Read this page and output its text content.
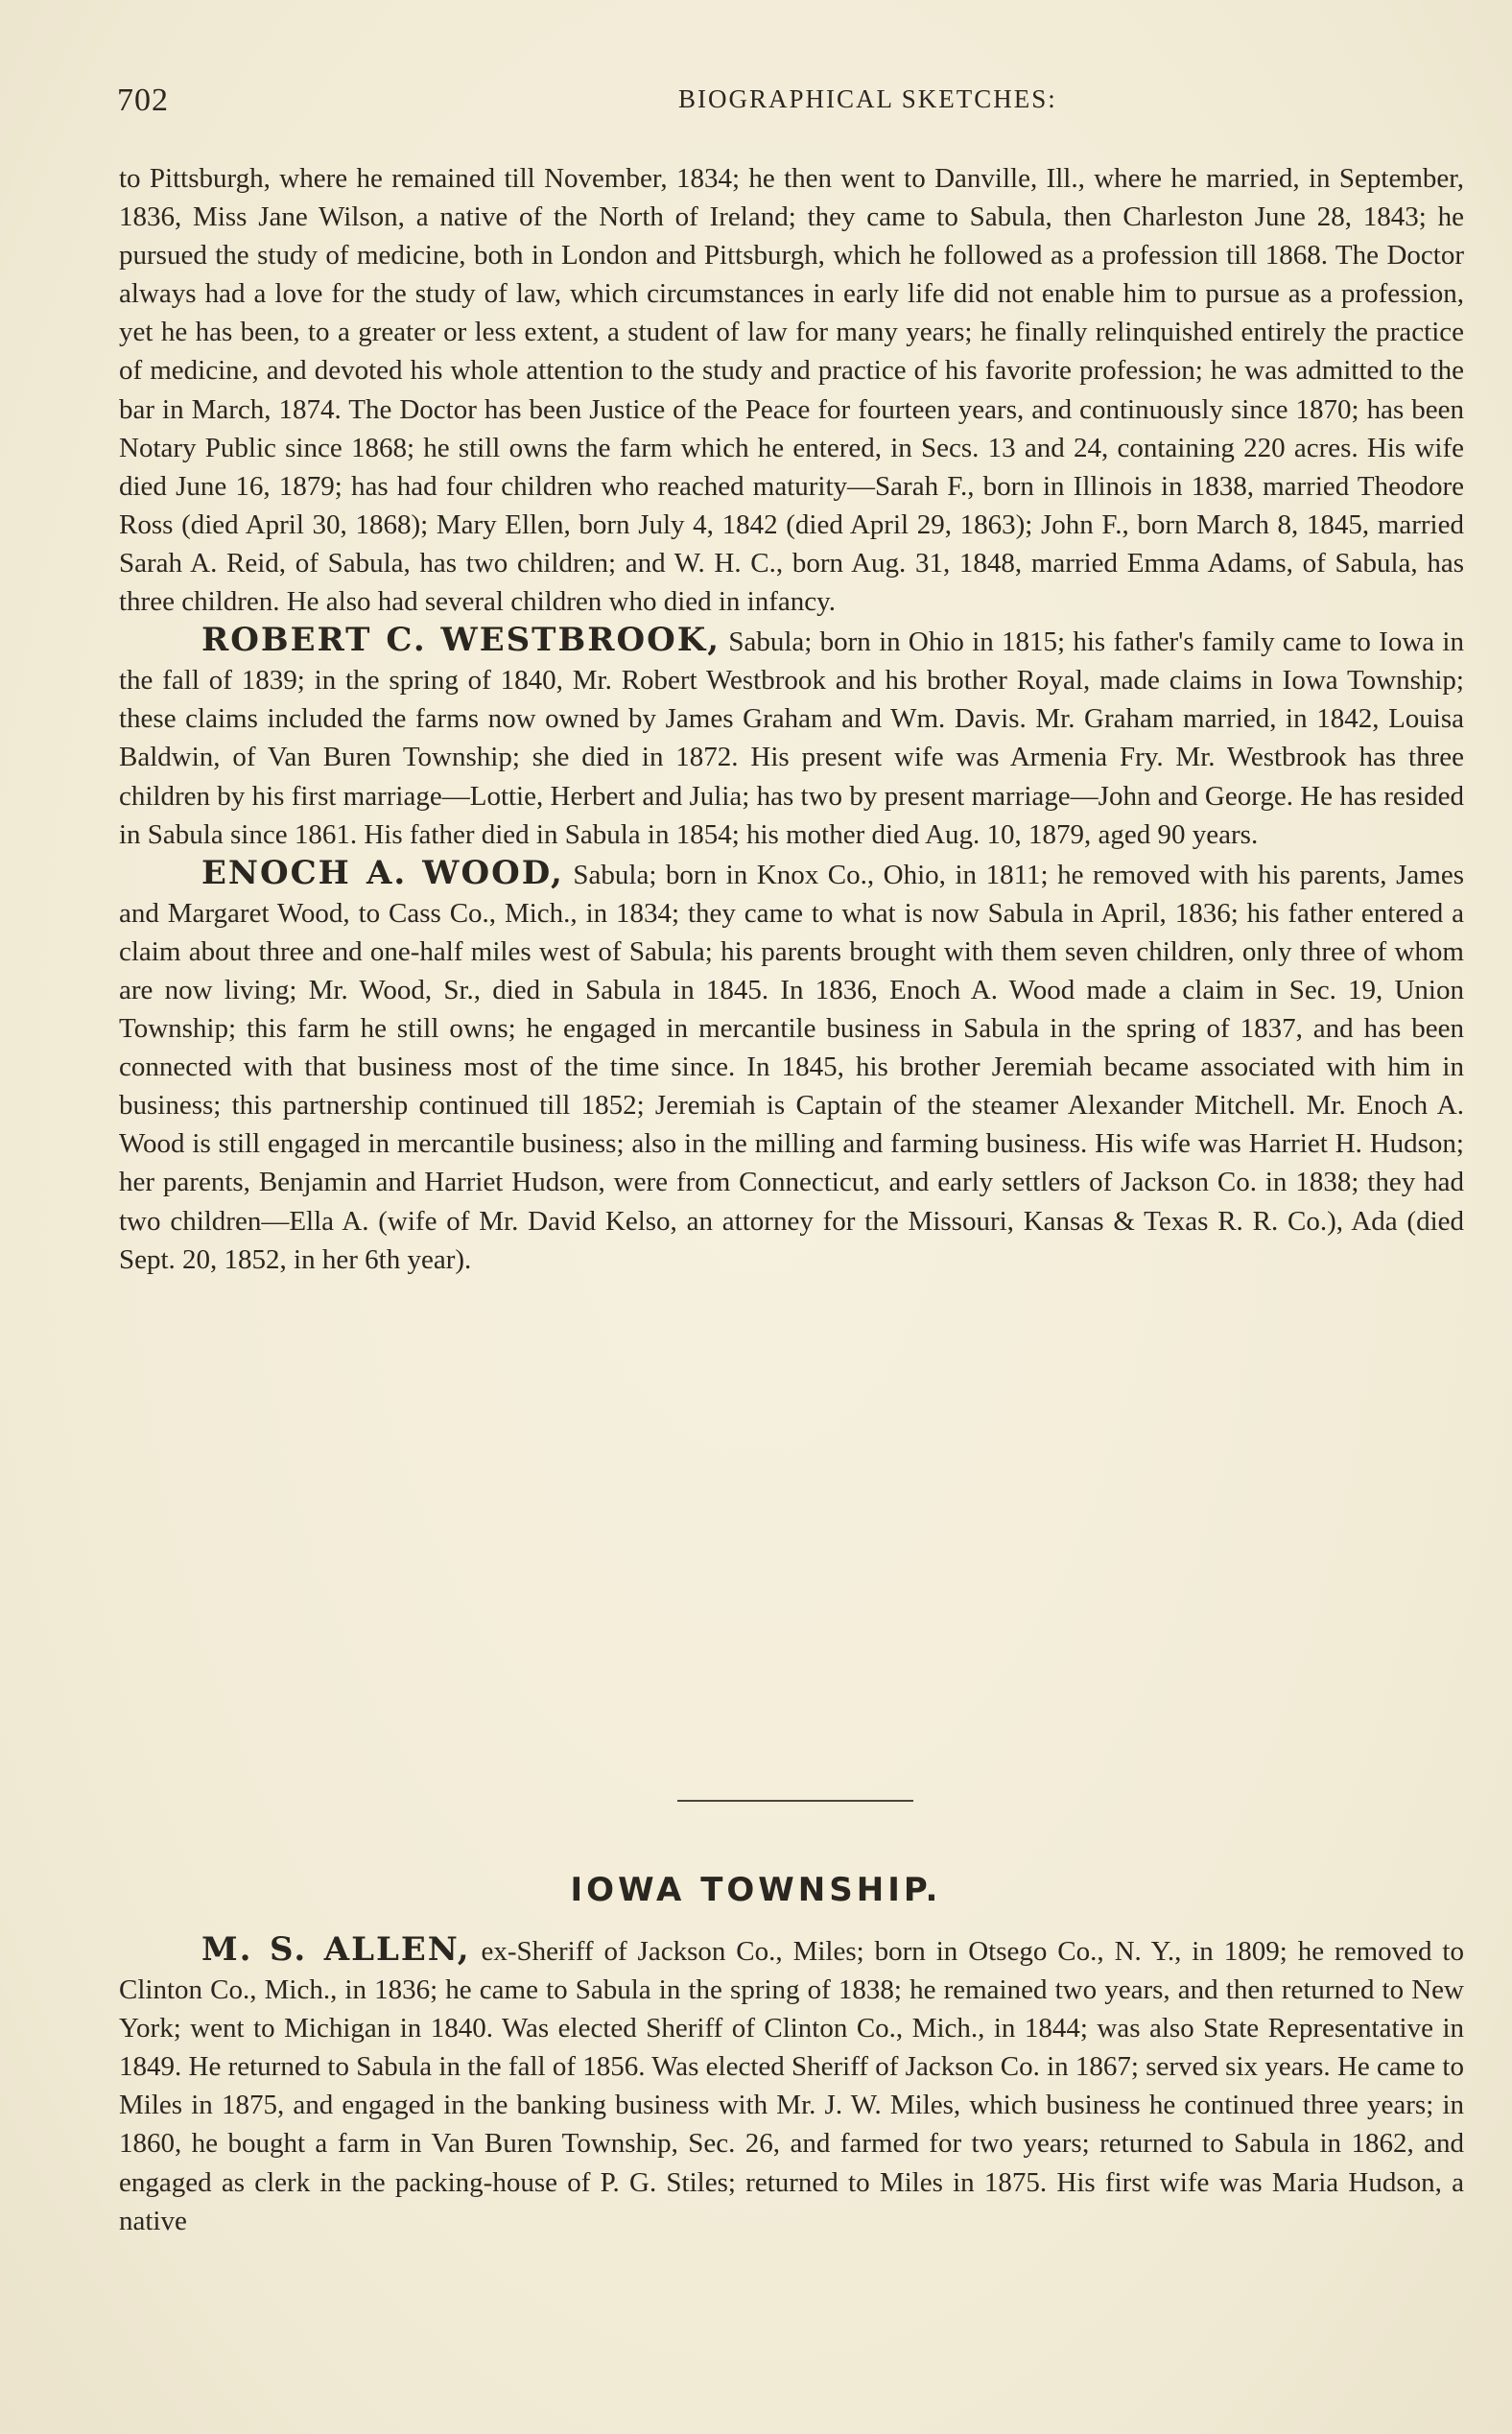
702	BIOGRAPHICAL SKETCHES:

to Pittsburgh, where he remained till November, 1834; he then went to Danville, Ill., where he married, in September, 1836, Miss Jane Wilson, a native of the North of Ireland; they came to Sabula, then Charleston June 28, 1843; he pursued the study of medicine, both in London and Pittsburgh, which he followed as a profession till 1868. The Doctor always had a love for the study of law, which circumstances in early life did not enable him to pursue as a profession, yet he has been, to a greater or less extent, a student of law for many years; he finally relinquished entirely the practice of medicine, and devoted his whole attention to the study and practice of his favorite profession; he was admitted to the bar in March, 1874. The Doctor has been Justice of the Peace for fourteen years, and continuously since 1870; has been Notary Public since 1868; he still owns the farm which he entered, in Secs. 13 and 24, containing 220 acres. His wife died June 16, 1879; has had four children who reached maturity—Sarah F., born in Illinois in 1838, married Theodore Ross (died April 30, 1868); Mary Ellen, born July 4, 1842 (died April 29, 1863); John F., born March 8, 1845, married Sarah A. Reid, of Sabula, has two children; and W. H. C., born Aug. 31, 1848, married Emma Adams, of Sabula, has three children. He also had several children who died in infancy.

ROBERT C. WESTBROOK, Sabula; born in Ohio in 1815; his father's family came to Iowa in the fall of 1839; in the spring of 1840, Mr. Robert Westbrook and his brother Royal, made claims in Iowa Township; these claims included the farms now owned by James Graham and Wm. Davis. Mr. Graham married, in 1842, Louisa Baldwin, of Van Buren Township; she died in 1872. His present wife was Armenia Fry. Mr. Westbrook has three children by his first marriage—Lottie, Herbert and Julia; has two by present marriage—John and George. He has resided in Sabula since 1861. His father died in Sabula in 1854; his mother died Aug. 10, 1879, aged 90 years.

ENOCH A. WOOD, Sabula; born in Knox Co., Ohio, in 1811; he removed with his parents, James and Margaret Wood, to Cass Co., Mich., in 1834; they came to what is now Sabula in April, 1836; his father entered a claim about three and one-half miles west of Sabula; his parents brought with them seven children, only three of whom are now living; Mr. Wood, Sr., died in Sabula in 1845. In 1836, Enoch A. Wood made a claim in Sec. 19, Union Township; this farm he still owns; he engaged in mercantile business in Sabula in the spring of 1837, and has been connected with that business most of the time since. In 1845, his brother Jeremiah became associated with him in business; this partnership continued till 1852; Jeremiah is Captain of the steamer Alexander Mitchell. Mr. Enoch A. Wood is still engaged in mercantile business; also in the milling and farming business. His wife was Harriet H. Hudson; her parents, Benjamin and Harriet Hudson, were from Connecticut, and early settlers of Jackson Co. in 1838; they had two children—Ella A. (wife of Mr. David Kelso, an attorney for the Missouri, Kansas & Texas R. R. Co.), Ada (died Sept. 20, 1852, in her 6th year).

IOWA TOWNSHIP.

M. S. ALLEN, ex-Sheriff of Jackson Co., Miles; born in Otsego Co., N. Y., in 1809; he removed to Clinton Co., Mich., in 1836; he came to Sabula in the spring of 1838; he remained two years, and then returned to New York; went to Michigan in 1840. Was elected Sheriff of Clinton Co., Mich., in 1844; was also State Representative in 1849. He returned to Sabula in the fall of 1856. Was elected Sheriff of Jackson Co. in 1867; served six years. He came to Miles in 1875, and engaged in the banking business with Mr. J. W. Miles, which business he continued three years; in 1860, he bought a farm in Van Buren Township, Sec. 26, and farmed for two years; returned to Sabula in 1862, and engaged as clerk in the packing-house of P. G. Stiles; returned to Miles in 1875. His first wife was Maria Hudson, a native
